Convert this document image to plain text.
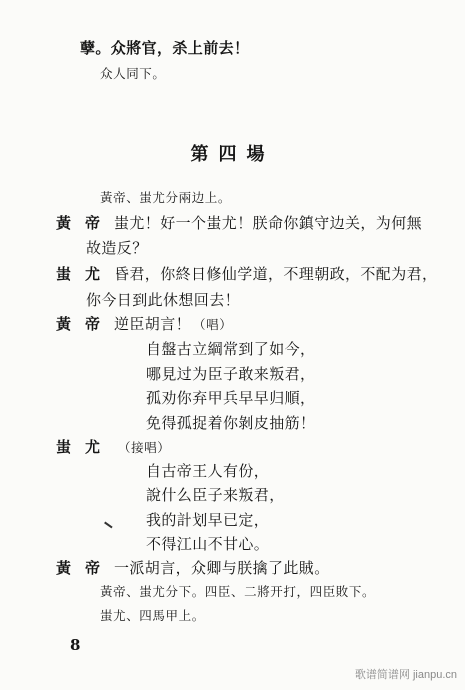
孽。众將官，杀上前去！
众人同下。
第四場
黃帝、蚩尤分兩边上。
黃帝 蚩尤！好一个蚩尤！朕命你鎮守边关，为何無
故造反？
蚩尤 昏君，你終日修仙学道，不理朝政，不配为君，
你今日到此休想回去！
黃帝 逆臣胡言！ （唱）
自盤古立綱常到了如今，
哪見过为臣子敢来叛君，
孤劝你弃甲兵早早归順，
免得孤捉着你剝皮抽筋！
蚩尤 （接唱）
自古帝王人有份，
說什么臣子来叛君，
我的計划早已定，
不得江山不甘心。
黃帝 一派胡言，众卿与朕擒了此賊。
黃帝、蚩尤分下。四臣、二將开打，四臣敗下。
蚩尤、四馬甲上。
8
歌谱简谱网 jianpu.cn
